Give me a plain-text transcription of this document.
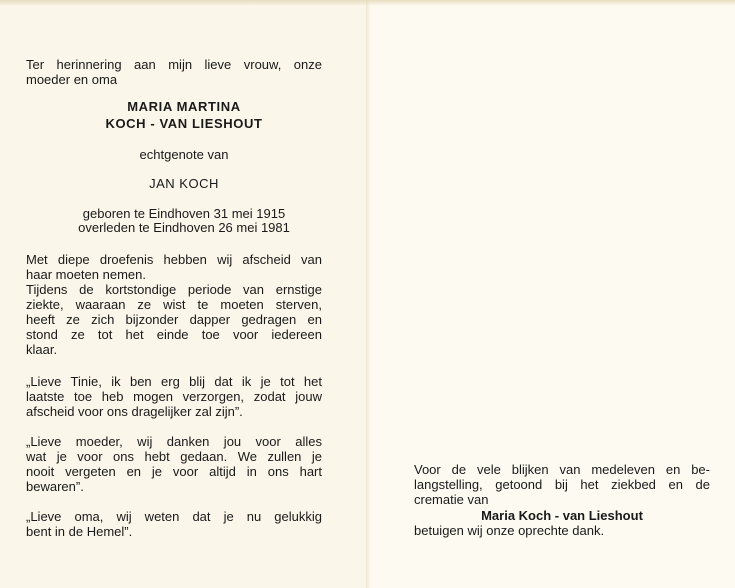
Ter herinnering aan mijn lieve vrouw, onze
moeder en oma
MARIA MARTINA
KOCH - VAN LIESHOUT
echtgenote van
JAN KOCH
geboren te Eindhoven 31 mei 1915
overleden te Eindhoven 26 mei 1981
Met diepe droefenis hebben wij afscheid van
haar moeten nemen.
Tijdens de kortstondige periode van ernstige
ziekte, waaraan ze wist te moeten sterven,
heeft ze zich bijzonder dapper gedragen en
stond ze tot het einde toe voor iedereen
klaar.
„Lieve Tinie, ik ben erg blij dat ik je tot het
laatste toe heb mogen verzorgen, zodat jouw
afscheid voor ons dragelijker zal zijn”.
„Lieve moeder, wij danken jou voor alles
wat je voor ons hebt gedaan. We zullen je
nooit vergeten en je voor altijd in ons hart
bewaren”.
„Lieve oma, wij weten dat je nu gelukkig
bent in de Hemel”.
Voor de vele blijken van medeleven en be-
langstelling, getoond bij het ziekbed en de
crematie van
Maria Koch - van Lieshout
betuigen wij onze oprechte dank.
